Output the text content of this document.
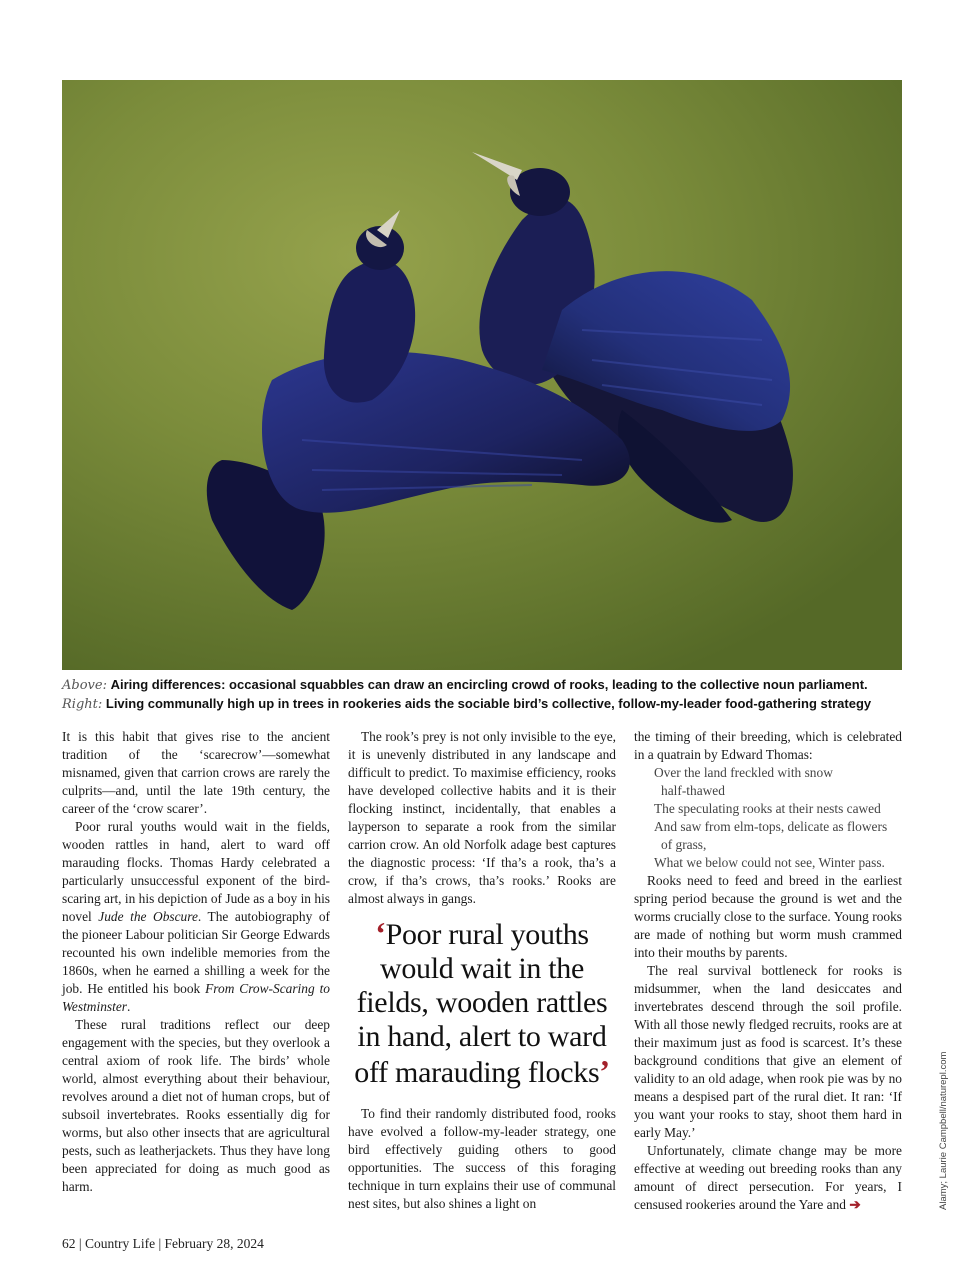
Above: Airing differences: occasional squabbles can draw an encircling crowd of rooks, leading to the collective noun parliament.
Right: Living communally high up in trees in rookeries aids the sociable bird’s collective, follow-my-leader food-gathering strategy

It is this habit that gives rise to the ancient tradition of the ‘scarecrow’—somewhat misnamed, given that carrion crows are rarely the culprits—and, until the late 19th century, the career of the ‘crow scarer’.

Poor rural youths would wait in the fields, wooden rattles in hand, alert to ward off marauding flocks. Thomas Hardy celebrated a particularly unsuccessful exponent of the bird-scaring art, in his depiction of Jude as a boy in his novel Jude the Obscure. The autobiography of the pioneer Labour politician Sir George Edwards recounted his own indelible memories from the 1860s, when he earned a shilling a week for the job. He entitled his book From Crow-Scaring to Westminster.

These rural traditions reflect our deep engagement with the species, but they overlook a central axiom of rook life. The birds’ whole world, almost everything about their behaviour, revolves around a diet not of human crops, but of subsoil invertebrates. Rooks essentially dig for worms, but also other insects that are agricultural pests, such as leatherjackets. Thus they have long been appreciated for doing as much good as harm.

The rook’s prey is not only invisible to the eye, it is unevenly distributed in any landscape and difficult to predict. To maximise efficiency, rooks have developed collective habits and it is their flocking instinct, incidentally, that enables a layperson to separate a rook from the similar carrion crow. An old Norfolk adage best captures the diagnostic process: ‘If tha’s a rook, tha’s a crow, if tha’s crows, tha’s rooks.’ Rooks are almost always in gangs.

‘Poor rural youths would wait in the fields, wooden rattles in hand, alert to ward off marauding flocks’

To find their randomly distributed food, rooks have evolved a follow-my-leader strategy, one bird effectively guiding others to good opportunities. The success of this foraging technique in turn explains their use of communal nest sites, but also shines a light on

the timing of their breeding, which is celebrated in a quatrain by Edward Thomas:

Over the land freckled with snow
half-thawed
The speculating rooks at their nests cawed
And saw from elm-tops, delicate as flowers
of grass,
What we below could not see, Winter pass.

Rooks need to feed and breed in the earliest spring period because the ground is wet and the worms crucially close to the surface. Young rooks are made of nothing but worm mush crammed into their mouths by parents.

The real survival bottleneck for rooks is midsummer, when the land desiccates and invertebrates descend through the soil profile. With all those newly fledged recruits, rooks are at their maximum just as food is scarcest. It’s these background conditions that give an element of validity to an old adage, when rook pie was by no means a despised part of the rural diet. It ran: ‘If you want your rooks to stay, shoot them hard in early May.’

Unfortunately, climate change may be more effective at weeding out breeding rooks than any amount of direct persecution. For years, I censused rookeries around the Yare and ➔	Alamy; Laurie Campbell/naturepl.com
62 | Country Life | February 28, 2024
